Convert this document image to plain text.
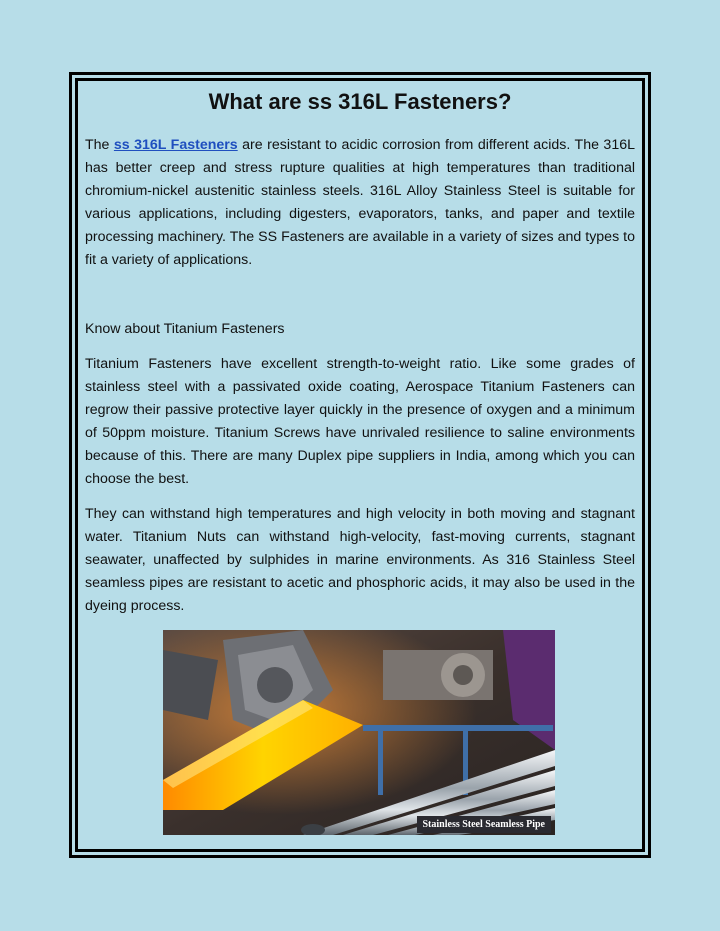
What are ss 316L Fasteners?

The ss 316L Fasteners are resistant to acidic corrosion from different acids. The 316L has better creep and stress rupture qualities at high temperatures than traditional chromium-nickel austenitic stainless steels. 316L Alloy Stainless Steel is suitable for various applications, including digesters, evaporators, tanks, and paper and textile processing machinery. The SS Fasteners are available in a variety of sizes and types to fit a variety of applications.

Know about Titanium Fasteners

Titanium Fasteners have excellent strength-to-weight ratio. Like some grades of stainless steel with a passivated oxide coating, Aerospace Titanium Fasteners can regrow their passive protective layer quickly in the presence of oxygen and a minimum of 50ppm moisture. Titanium Screws have unrivaled resilience to saline environments because of this. There are many Duplex pipe suppliers in India, among which you can choose the best.

They can withstand high temperatures and high velocity in both moving and stagnant water. Titanium Nuts can withstand high-velocity, fast-moving currents, stagnant seawater, unaffected by sulphides in marine environments. As 316 Stainless Steel seamless pipes are resistant to acetic and phosphoric acids, it may also be used in the dyeing process.

Stainless Steel Seamless Pipe
